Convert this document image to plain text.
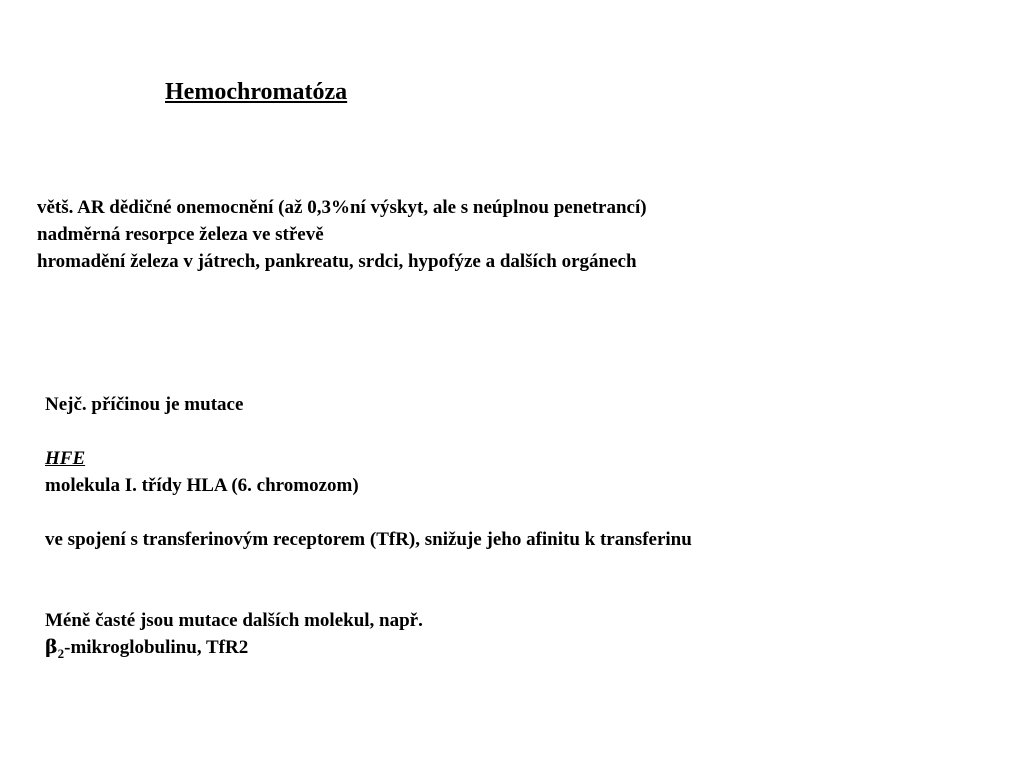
Hemochromatóza
větš. AR dědičné onemocnění (až 0,3%ní výskyt, ale s neúplnou penetrancí)
nadměrná resorpce železa ve střevě
hromadění železa v játrech, pankreatu, srdci, hypofýze a dalších orgánech
Nejč. příčinou je mutace
HFE
molekula I. třídy HLA (6. chromozom)
ve spojení s transferinovým receptorem (TfR), snižuje jeho afinitu k transferinu
Méně časté jsou mutace dalších molekul, např.
$\beta_2$-mikroglobulinu, TfR2
